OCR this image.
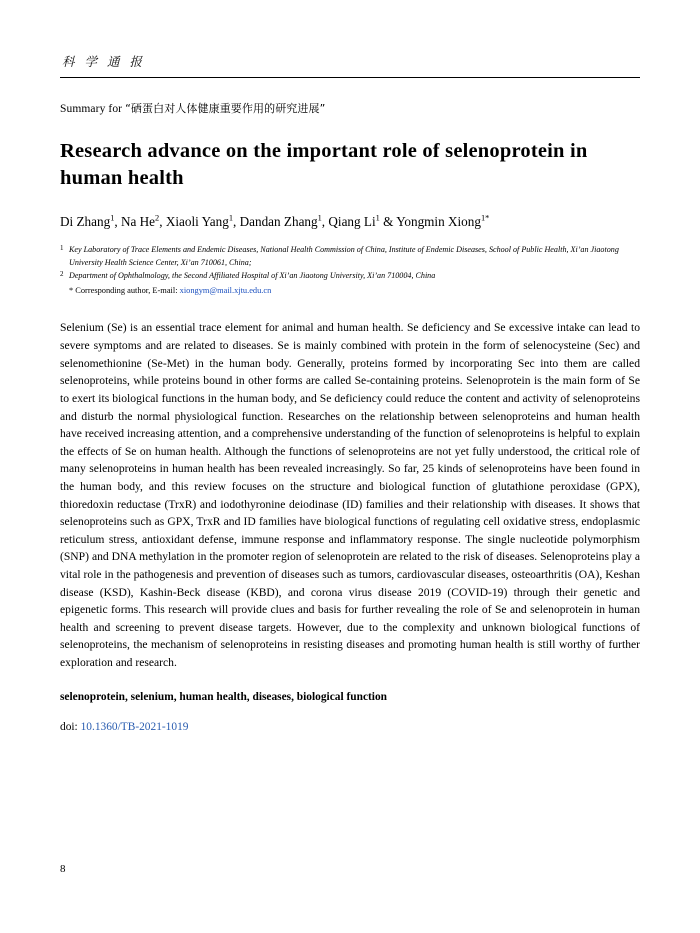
科 学 通 报
Summary for “硒蛋白对人体健康重要作用的研究进展”
Research advance on the important role of selenoprotein in human health
Di Zhang$^1$, Na He$^2$, Xiaoli Yang$^1$, Dandan Zhang$^1$, Qiang Li$^1$ & Yongmin Xiong$^{1*}$
1 Key Laboratory of Trace Elements and Endemic Diseases, National Health Commission of China, Institute of Endemic Diseases, School of Public Health, Xi’an Jiaotong University Health Science Center, Xi’an 710061, China;
2 Department of Ophthalmology, the Second Affiliated Hospital of Xi’an Jiaotong University, Xi’an 710004, China
* Corresponding author, E-mail: xiongym@mail.xjtu.edu.cn

Selenium (Se) is an essential trace element for animal and human health. Se deficiency and Se excessive intake can lead to severe symptoms and are related to diseases. Se is mainly combined with protein in the form of selenocysteine (Sec) and selenomethionine (Se-Met) in the human body. Generally, proteins formed by incorporating Sec into them are called selenoproteins, while proteins bound in other forms are called Se-containing proteins. Selenoprotein is the main form of Se to exert its biological functions in the human body, and Se deficiency could reduce the content and activity of selenoproteins and disturb the normal physiological function. Researches on the relationship between selenoproteins and human health have received increasing attention, and a comprehensive understanding of the function of selenoproteins is helpful to explain the effects of Se on human health. Although the functions of selenoproteins are not yet fully understood, the critical role of many selenoproteins in human health has been revealed increasingly. So far, 25 kinds of selenoproteins have been found in the human body, and this review focuses on the structure and biological function of glutathione peroxidase (GPX), thioredoxin reductase (TrxR) and iodothyronine deiodinase (ID) families and their relationship with diseases. It shows that selenoproteins such as GPX, TrxR and ID families have biological functions of regulating cell oxidative stress, endoplasmic reticulum stress, antioxidant defense, immune response and inflammatory response. The single nucleotide polymorphism (SNP) and DNA methylation in the promoter region of selenoprotein are related to the risk of diseases. Selenoproteins play a vital role in the pathogenesis and prevention of diseases such as tumors, cardiovascular diseases, osteoarthritis (OA), Keshan disease (KSD), Kashin-Beck disease (KBD), and corona virus disease 2019 (COVID-19) through their genetic and epigenetic forms. This research will provide clues and basis for further revealing the role of Se and selenoprotein in human health and screening to prevent disease targets. However, due to the complexity and unknown biological functions of selenoproteins, the mechanism of selenoproteins in resisting diseases and promoting human health is still worthy of further exploration and research.

selenoprotein, selenium, human health, diseases, biological function

doi: 10.1360/TB-2021-1019

8
